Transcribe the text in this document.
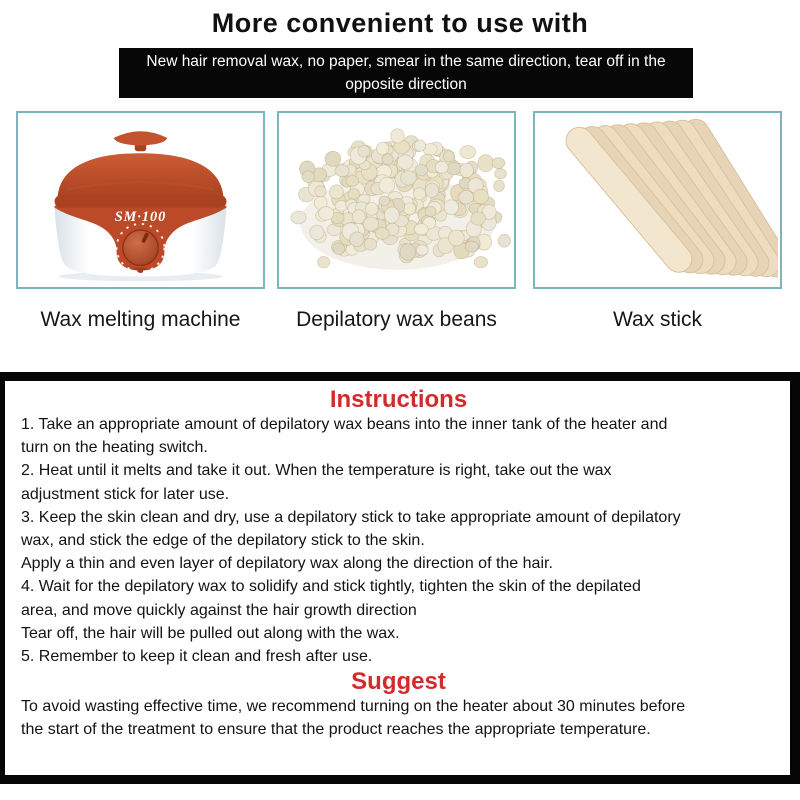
More convenient to use with
New hair removal wax, no paper, smear in the same direction, tear off in the
opposite direction
SM·100
Wax melting machine	Depilatory wax beans	Wax stick
Instructions
1. Take an appropriate amount of depilatory wax beans into the inner tank of the heater and
turn on the heating switch.
2. Heat until it melts and take it out. When the temperature is right, take out the wax
adjustment stick for later use.
3. Keep the skin clean and dry, use a depilatory stick to take appropriate amount of depilatory
wax, and stick the edge of the depilatory stick to the skin.
Apply a thin and even layer of depilatory wax along the direction of the hair.
4. Wait for the depilatory wax to solidify and stick tightly, tighten the skin of the depilated
area, and move quickly against the hair growth direction
Tear off, the hair will be pulled out along with the wax.
5. Remember to keep it clean and fresh after use.
Suggest
To avoid wasting effective time, we recommend turning on the heater about 30 minutes before
the start of the treatment to ensure that the product reaches the appropriate temperature.
